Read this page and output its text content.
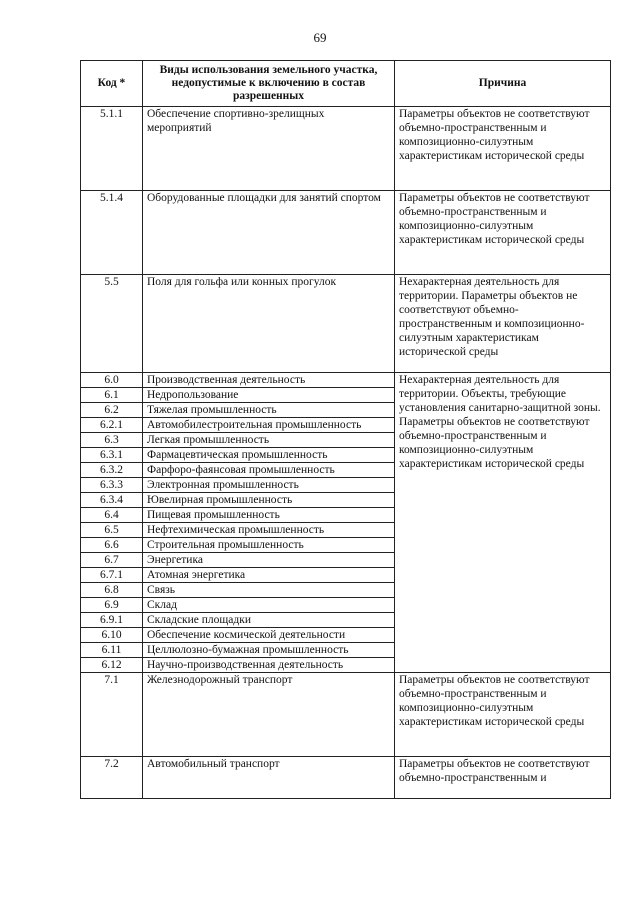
69
Код *	Виды использования земельного участка, недопустимые к включению в состав разрешенных	Причина
5.1.1	Обеспечение спортивно-зрелищных мероприятий	Параметры объектов не соответствуют объемно-пространственным и композиционно-силуэтным характеристикам исторической среды
5.1.4	Оборудованные площадки для занятий спортом	Параметры объектов не соответствуют объемно-пространственным и композиционно-силуэтным характеристикам исторической среды
5.5	Поля для гольфа или конных прогулок	Нехарактерная деятельность для территории. Параметры объектов не соответствуют объемно-пространственным и композиционно-силуэтным характеристикам исторической среды
6.0	Производственная деятельность	Нехарактерная деятельность для территории. Объекты, требующие установления санитарно-защитной зоны. Параметры объектов не соответствуют объемно-пространственным и композиционно-силуэтным характеристикам исторической среды
6.1	Недропользование	
6.2	Тяжелая промышленность	
6.2.1	Автомобилестроительная промышленность	
6.3	Легкая промышленность	
6.3.1	Фармацевтическая промышленность	
6.3.2	Фарфоро-фаянсовая промышленность	
6.3.3	Электронная промышленность	
6.3.4	Ювелирная промышленность	
6.4	Пищевая промышленность	
6.5	Нефтехимическая промышленность	
6.6	Строительная промышленность	
6.7	Энергетика	
6.7.1	Атомная энергетика	
6.8	Связь	
6.9	Склад	
6.9.1	Складские площадки	
6.10	Обеспечение космической деятельности	
6.11	Целлюлозно-бумажная промышленность	
6.12	Научно-производственная деятельность	
7.1	Железнодорожный транспорт	Параметры объектов не соответствуют объемно-пространственным и композиционно-силуэтным характеристикам исторической среды
7.2	Автомобильный транспорт	Параметры объектов не соответствуют объемно-пространственным и
